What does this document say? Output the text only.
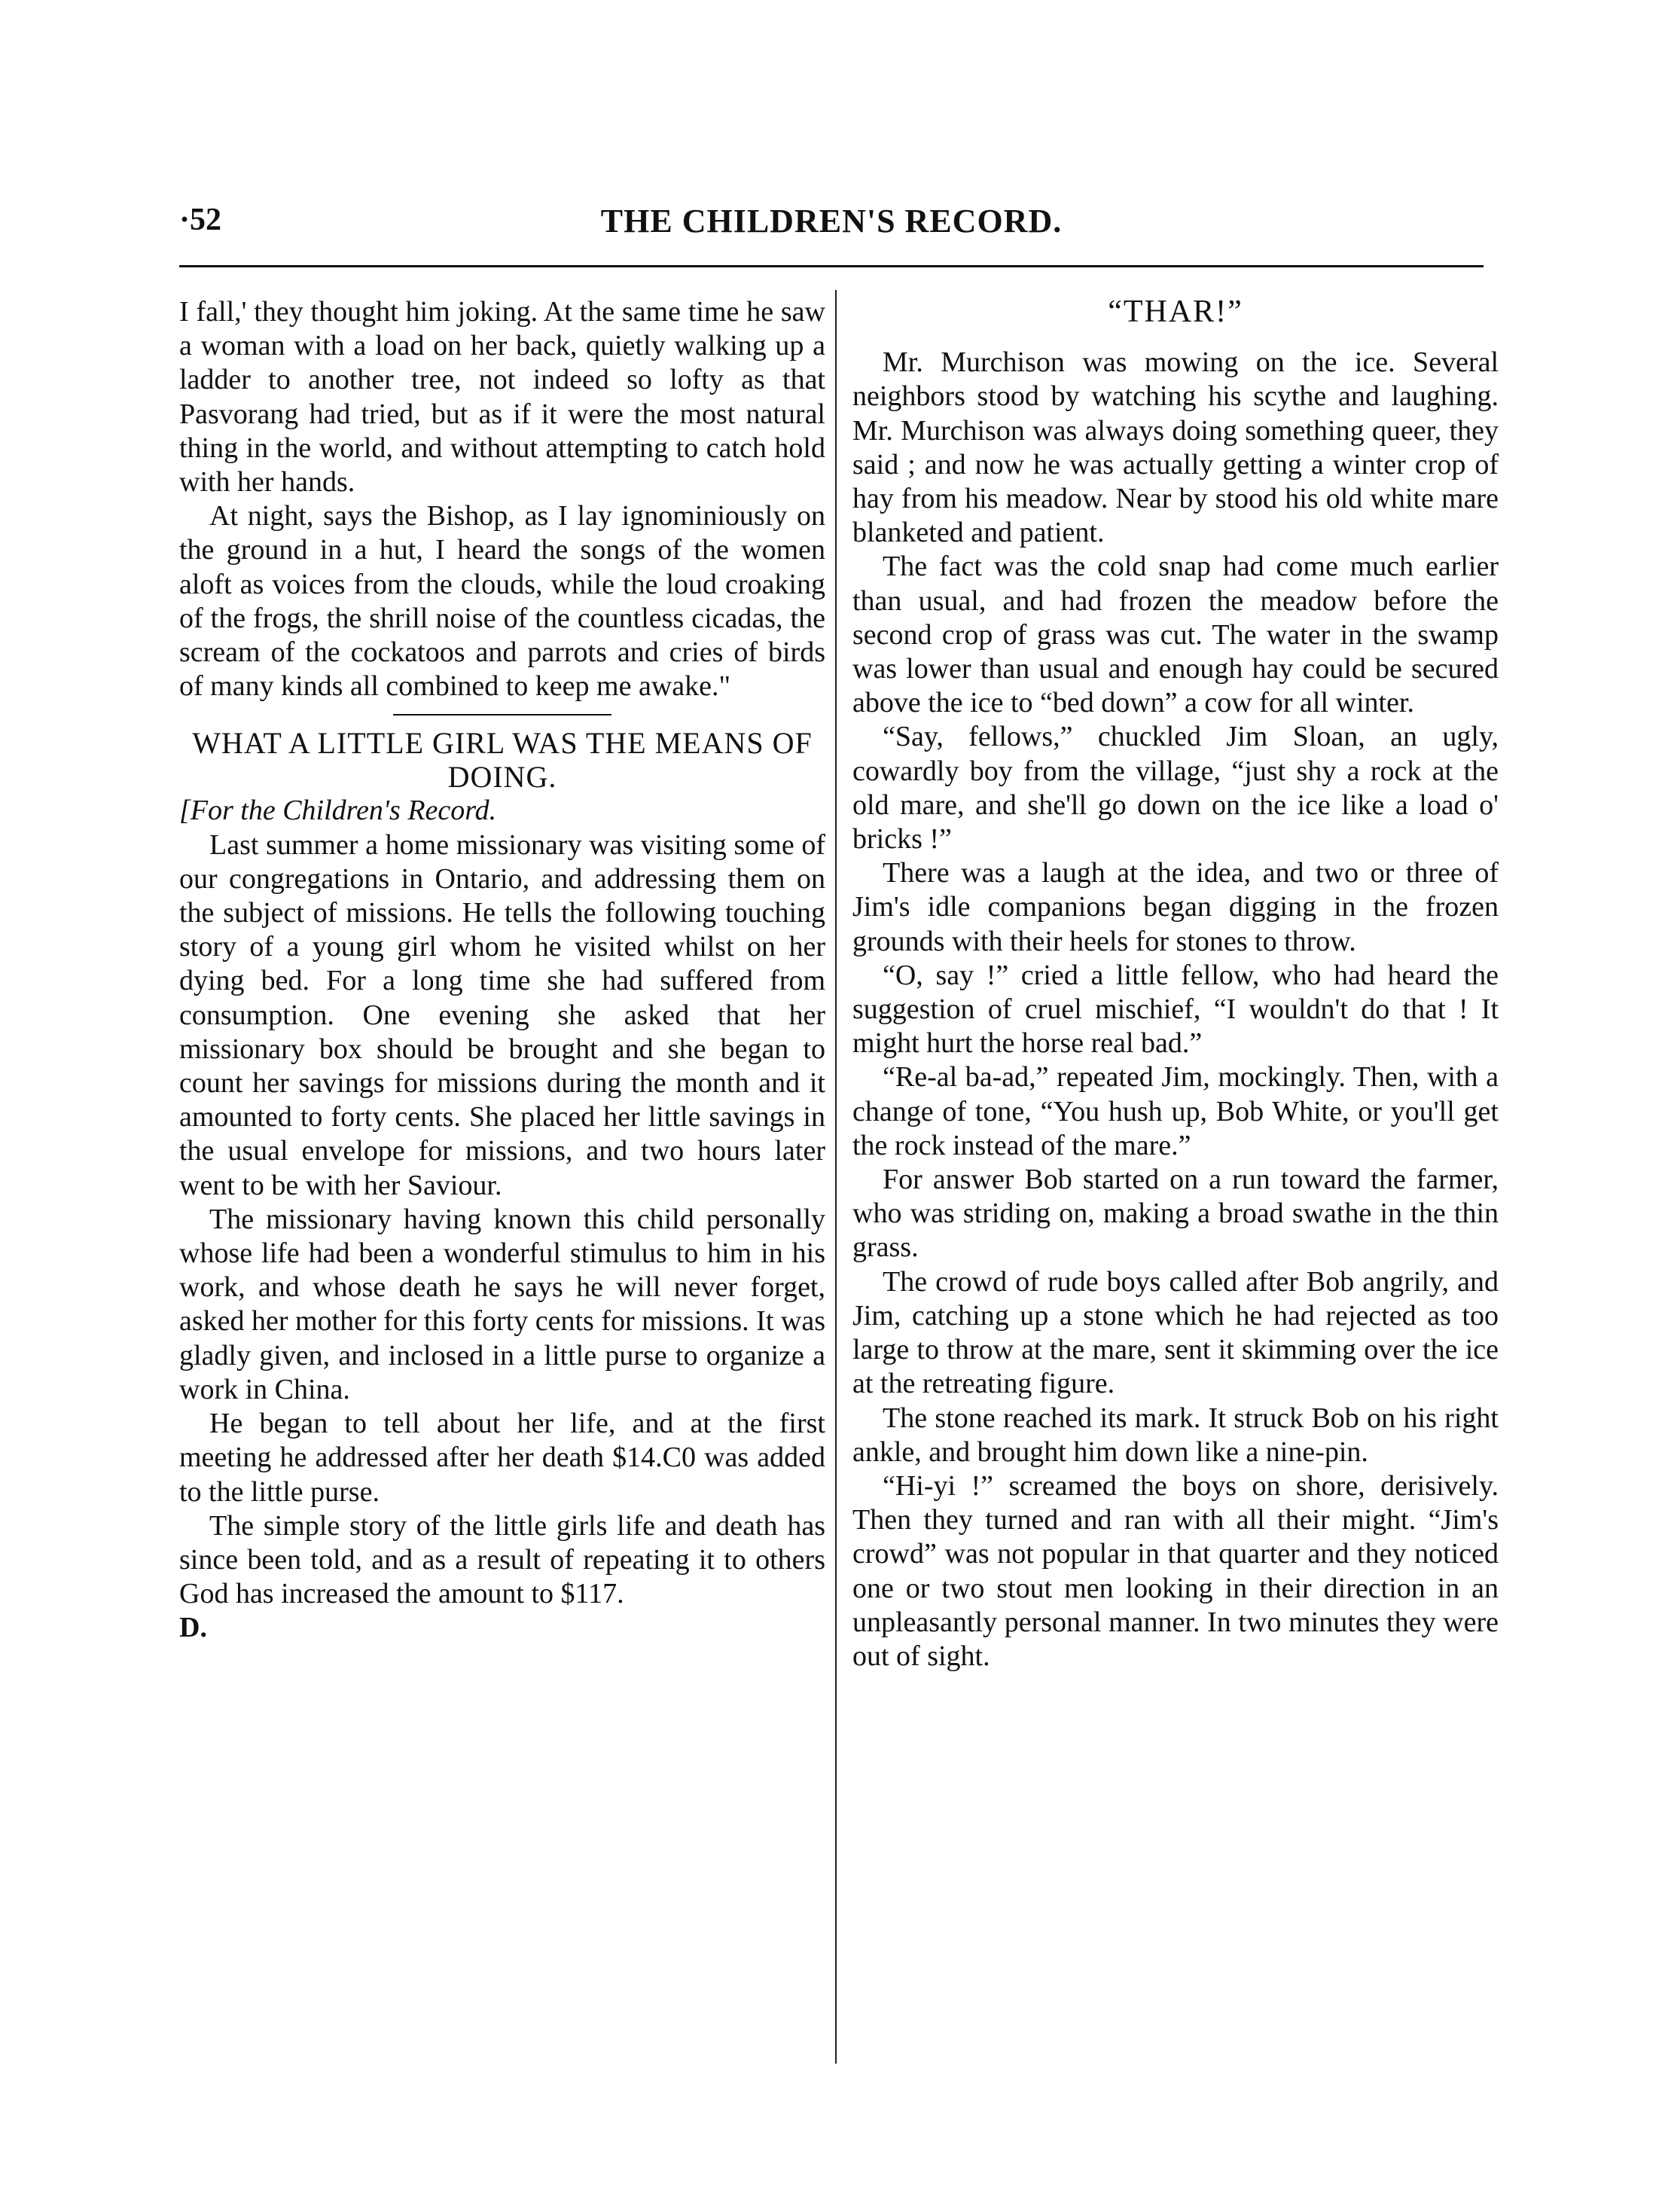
·52	THE CHILDREN'S RECORD.

I fall,' they thought him joking. At the same time he saw a woman with a load on her back, quietly walking up a ladder to another tree, not indeed so lofty as that Pasvorang had tried, but as if it were the most natural thing in the world, and without attempting to catch hold with her hands.

At night, says the Bishop, as I lay ignominiously on the ground in a hut, I heard the songs of the women aloft as voices from the clouds, while the loud croaking of the frogs, the shrill noise of the countless cicadas, the scream of the cockatoos and parrots and cries of birds of many kinds all combined to keep me awake."

WHAT A LITTLE GIRL WAS THE MEANS OF DOING.

[For the Children's Record.

Last summer a home missionary was visiting some of our congregations in Ontario, and addressing them on the subject of missions. He tells the following touching story of a young girl whom he visited whilst on her dying bed. For a long time she had suffered from consumption. One evening she asked that her missionary box should be brought and she began to count her savings for missions during the month and it amounted to forty cents. She placed her little savings in the usual envelope for missions, and two hours later went to be with her Saviour.

The missionary having known this child personally whose life had been a wonderful stimulus to him in his work, and whose death he says he will never forget, asked her mother for this forty cents for missions. It was gladly given, and inclosed in a little purse to organize a work in China.

He began to tell about her life, and at the first meeting he addressed after her death $14.C0 was added to the little purse.

The simple story of the little girls life and death has since been told, and as a result of repeating it to others God has increased the amount to $117.

D.

“THAR!”

Mr. Murchison was mowing on the ice. Several neighbors stood by watching his scythe and laughing. Mr. Murchison was always doing something queer, they said ; and now he was actually getting a winter crop of hay from his meadow. Near by stood his old white mare blanketed and patient.

The fact was the cold snap had come much earlier than usual, and had frozen the meadow before the second crop of grass was cut. The water in the swamp was lower than usual and enough hay could be secured above the ice to “bed down” a cow for all winter.

“Say, fellows,” chuckled Jim Sloan, an ugly, cowardly boy from the village, “just shy a rock at the old mare, and she'll go down on the ice like a load o' bricks !”

There was a laugh at the idea, and two or three of Jim's idle companions began digging in the frozen grounds with their heels for stones to throw.

“O, say !” cried a little fellow, who had heard the suggestion of cruel mischief, “I wouldn't do that ! It might hurt the horse real bad.”

“Re-al ba-ad,” repeated Jim, mockingly. Then, with a change of tone, “You hush up, Bob White, or you'll get the rock instead of the mare.”

For answer Bob started on a run toward the farmer, who was striding on, making a broad swathe in the thin grass.

The crowd of rude boys called after Bob angrily, and Jim, catching up a stone which he had rejected as too large to throw at the mare, sent it skimming over the ice at the retreating figure.

The stone reached its mark. It struck Bob on his right ankle, and brought him down like a nine-pin.

“Hi-yi !” screamed the boys on shore, derisively. Then they turned and ran with all their might. “Jim's crowd” was not popular in that quarter and they noticed one or two stout men looking in their direction in an unpleasantly personal manner. In two minutes they were out of sight.
